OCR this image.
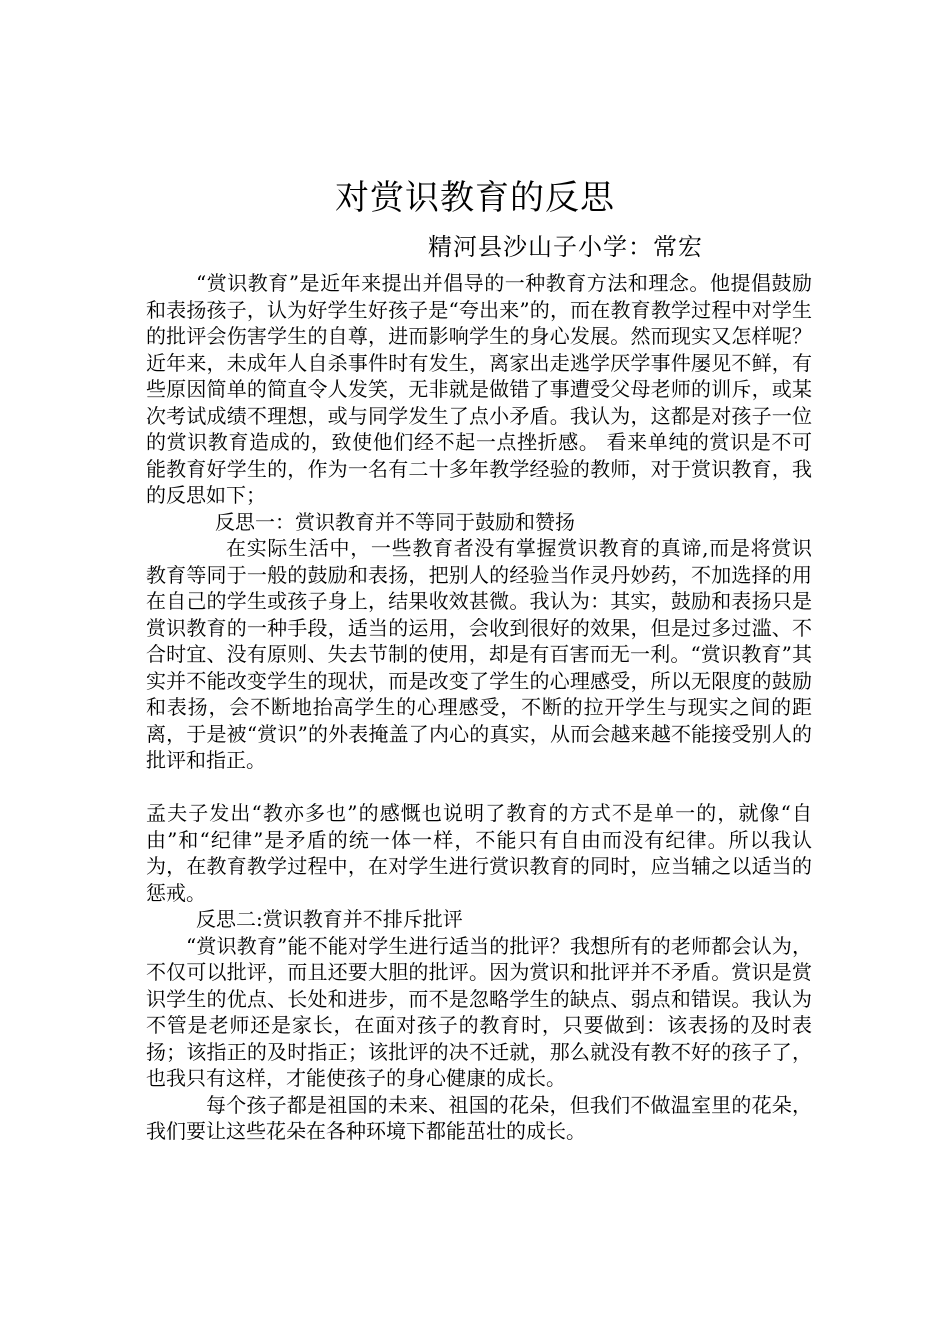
对赏识教育的反思
精河县沙山子小学：常宏

“赏识教育”是近年来提出并倡导的一种教育方法和理念。他提倡鼓励和表扬孩子，认为好学生好孩子是“夸出来”的，而在教育教学过程中对学生的批评会伤害学生的自尊，进而影响学生的身心发展。然而现实又怎样呢？近年来，未成年人自杀事件时有发生，离家出走逃学厌学事件屡见不鲜，有些原因简单的简直令人发笑，无非就是做错了事遭受父母老师的训斥，或某次考试成绩不理想，或与同学发生了点小矛盾。我认为，这都是对孩子一位的赏识教育造成的，致使他们经不起一点挫折感。 看来单纯的赏识是不可能教育好学生的，作为一名有二十多年教学经验的教师，对于赏识教育，我的反思如下；

反思一：赏识教育并不等同于鼓励和赞扬

在实际生活中，一些教育者没有掌握赏识教育的真谛,而是将赏识教育等同于一般的鼓励和表扬，把别人的经验当作灵丹妙药，不加选择的用在自己的学生或孩子身上，结果收效甚微。我认为：其实，鼓励和表扬只是赏识教育的一种手段，适当的运用，会收到很好的效果，但是过多过滥、不合时宜、没有原则、失去节制的使用，却是有百害而无一利。“赏识教育”其实并不能改变学生的现状，而是改变了学生的心理感受，所以无限度的鼓励和表扬，会不断地抬高学生的心理感受，不断的拉开学生与现实之间的距离，于是被“赏识”的外表掩盖了内心的真实，从而会越来越不能接受别人的批评和指正。

孟夫子发出“教亦多也”的感慨也说明了教育的方式不是单一的，就像“自由”和“纪律”是矛盾的统一体一样，不能只有自由而没有纪律。所以我认为，在教育教学过程中，在对学生进行赏识教育的同时，应当辅之以适当的惩戒。

反思二:赏识教育并不排斥批评

“赏识教育”能不能对学生进行适当的批评？我想所有的老师都会认为，不仅可以批评，而且还要大胆的批评。因为赏识和批评并不矛盾。赏识是赏识学生的优点、长处和进步，而不是忽略学生的缺点、弱点和错误。我认为不管是老师还是家长，在面对孩子的教育时，只要做到：该表扬的及时表扬；该指正的及时指正；该批评的决不迁就，那么就没有教不好的孩子了，也我只有这样，才能使孩子的身心健康的成长。

每个孩子都是祖国的未来、祖国的花朵，但我们不做温室里的花朵，我们要让这些花朵在各种环境下都能茁壮的成长。
